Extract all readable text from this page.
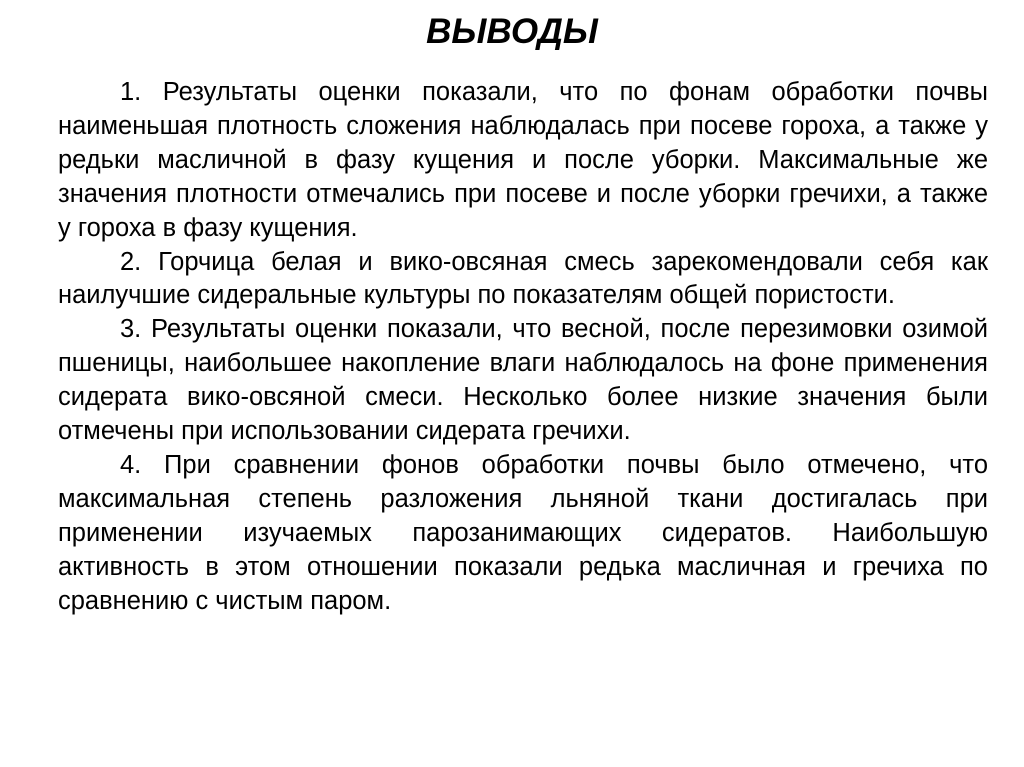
ВЫВОДЫ

1. Результаты оценки показали, что по фонам обработки почвы наименьшая плотность сложения наблюдалась при посеве гороха, а также у редьки масличной в фазу кущения и после уборки. Максимальные же значения плотности отмечались при посеве и после уборки гречихи, а также у гороха в фазу кущения.

2. Горчица белая и вико-овсяная смесь зарекомендовали себя как наилучшие сидеральные культуры по показателям общей пористости.

3. Результаты оценки показали, что весной, после перезимовки озимой пшеницы, наибольшее накопление влаги наблюдалось на фоне применения сидерата вико-овсяной смеси. Несколько более низкие значения были отмечены при использовании сидерата гречихи.

4. При сравнении фонов обработки почвы было отмечено, что максимальная степень разложения льняной ткани достигалась при применении изучаемых парозанимающих сидератов. Наибольшую активность в этом отношении показали редька масличная и гречиха по сравнению с чистым паром.
